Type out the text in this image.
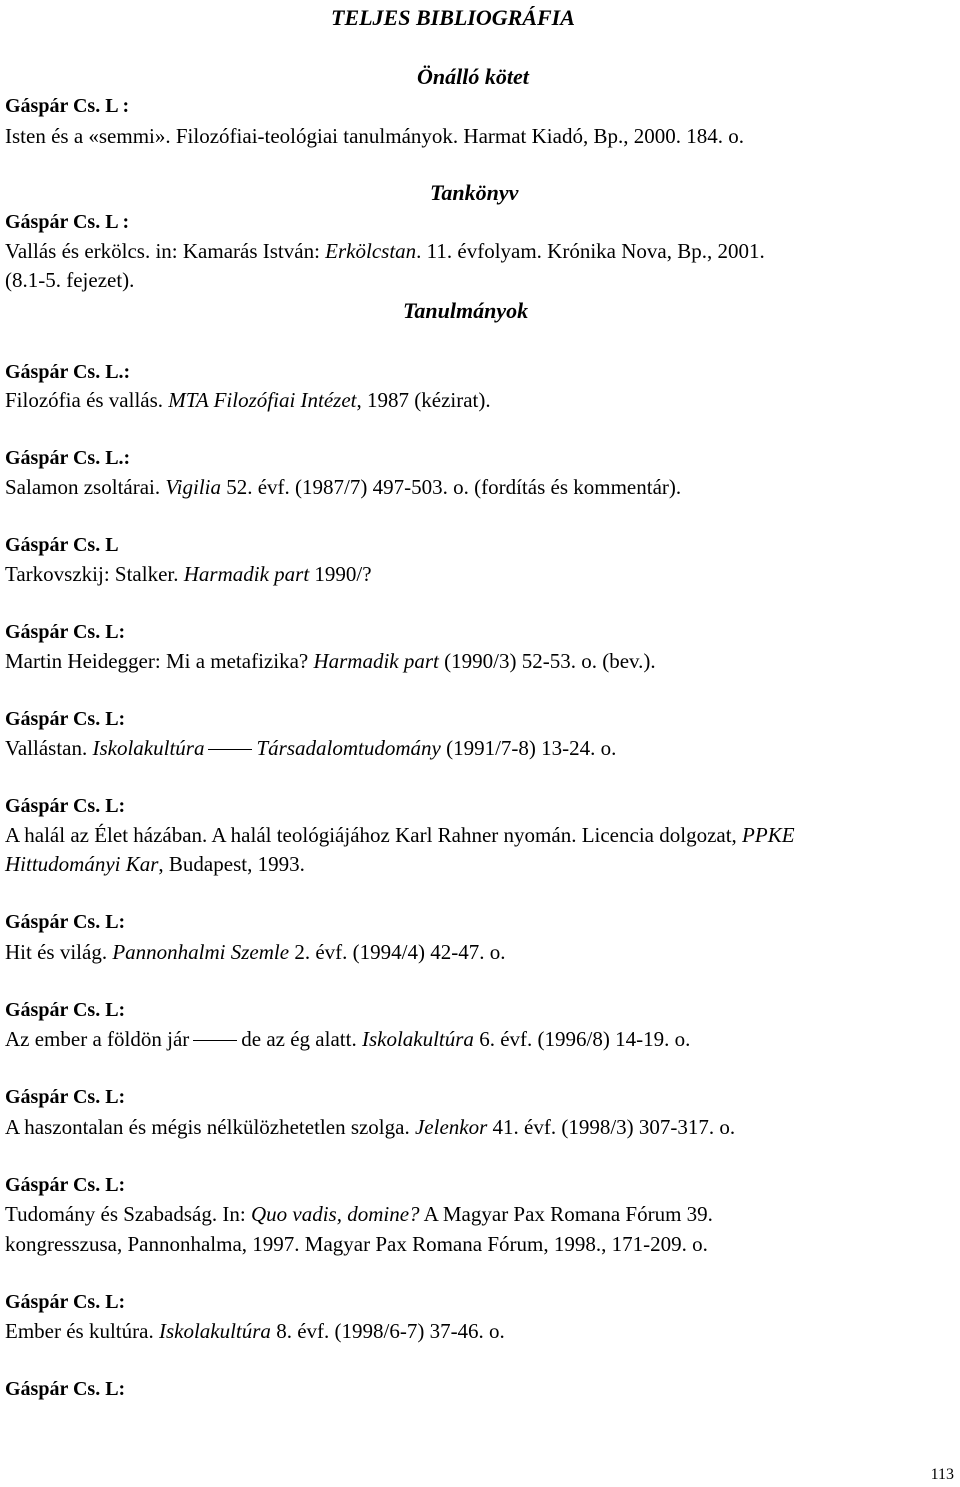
TELJES BIBLIOGRÁFIA
Önálló kötet
Gáspár Cs. L :
Isten és a «semmi». Filozófiai-teológiai tanulmányok. Harmat Kiadó, Bp., 2000. 184. o.
Tankönyv
Gáspár Cs. L :
Vallás és erkölcs. in: Kamarás István: Erkölcstan. 11. évfolyam. Krónika Nova, Bp., 2001.
(8.1-5. fejezet).
Tanulmányok
Gáspár Cs. L.:
Filozófia és vallás. MTA Filozófiai Intézet, 1987 (kézirat).
Gáspár Cs. L.:
Salamon zsoltárai. Vigilia 52. évf. (1987/7) 497-503. o. (fordítás és kommentár).
Gáspár Cs. L
Tarkovszkij: Stalker. Harmadik part 1990/?
Gáspár Cs. L:
Martin Heidegger: Mi a metafizika? Harmadik part (1990/3) 52-53. o. (bev.).
Gáspár Cs. L:
Vallástan. Iskolakultúra Társadalomtudomány (1991/7-8) 13-24. o.
Gáspár Cs. L:
A halál az Élet házában. A halál teológiájához Karl Rahner nyomán. Licencia dolgozat, PPKE
Hittudományi Kar, Budapest, 1993.
Gáspár Cs. L:
Hit és világ. Pannonhalmi Szemle 2. évf. (1994/4) 42-47. o.
Gáspár Cs. L:
Az ember a földön jár de az ég alatt. Iskolakultúra 6. évf. (1996/8) 14-19. o.
Gáspár Cs. L:
A haszontalan és mégis nélkülözhetetlen szolga. Jelenkor 41. évf. (1998/3) 307-317. o.
Gáspár Cs. L:
Tudomány és Szabadság. In: Quo vadis, domine? A Magyar Pax Romana Fórum 39.
kongresszusa, Pannonhalma, 1997. Magyar Pax Romana Fórum, 1998., 171-209. o.
Gáspár Cs. L:
Ember és kultúra. Iskolakultúra 8. évf. (1998/6-7) 37-46. o.
Gáspár Cs. L:
113
